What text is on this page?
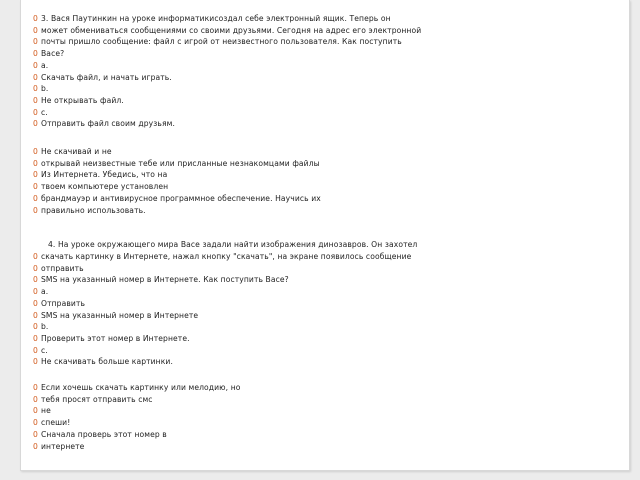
0 3. Вася Паутинкин на уроке информатикисоздал себе электронный ящик. Теперь он
0 может обмениваться сообщениями со своими друзьями. Сегодня на адрес его электронной
0 почты пришло сообщение: файл с игрой от неизвестного пользователя. Как поступить
0 Васе?
0 a.
0 Скачать файл, и начать играть.
0 b.
0 Не открывать файл.
0 c.
0 Отправить файл своим друзьям.
0 Не скачивай и не
0 открывай неизвестные тебе или присланные незнакомцами файлы
0 Из Интернета. Убедись, что на
0 твоем компьютере установлен
0 брандмауэр и антивирусное программное обеспечение. Научись их
0 правильно использовать.
4. На уроке окружающего мира Васе задали найти изображения динозавров. Он захотел
0 скачать картинку в Интернете, нажал кнопку "скачать", на экране появилось сообщение
0 отправить
0 SMS на указанный номер в Интернете. Как поступить Васе?
0 a.
0 Отправить
0 SMS на указанный номер в Интернете
0 b.
0 Проверить этот номер в Интернете.
0 c.
0 Не скачивать больше картинки.
0 Если хочешь скачать картинку или мелодию, но
0 тебя просят отправить смс
0 не
0 спеши!
0 Сначала проверь этот номер в
0 интернете
